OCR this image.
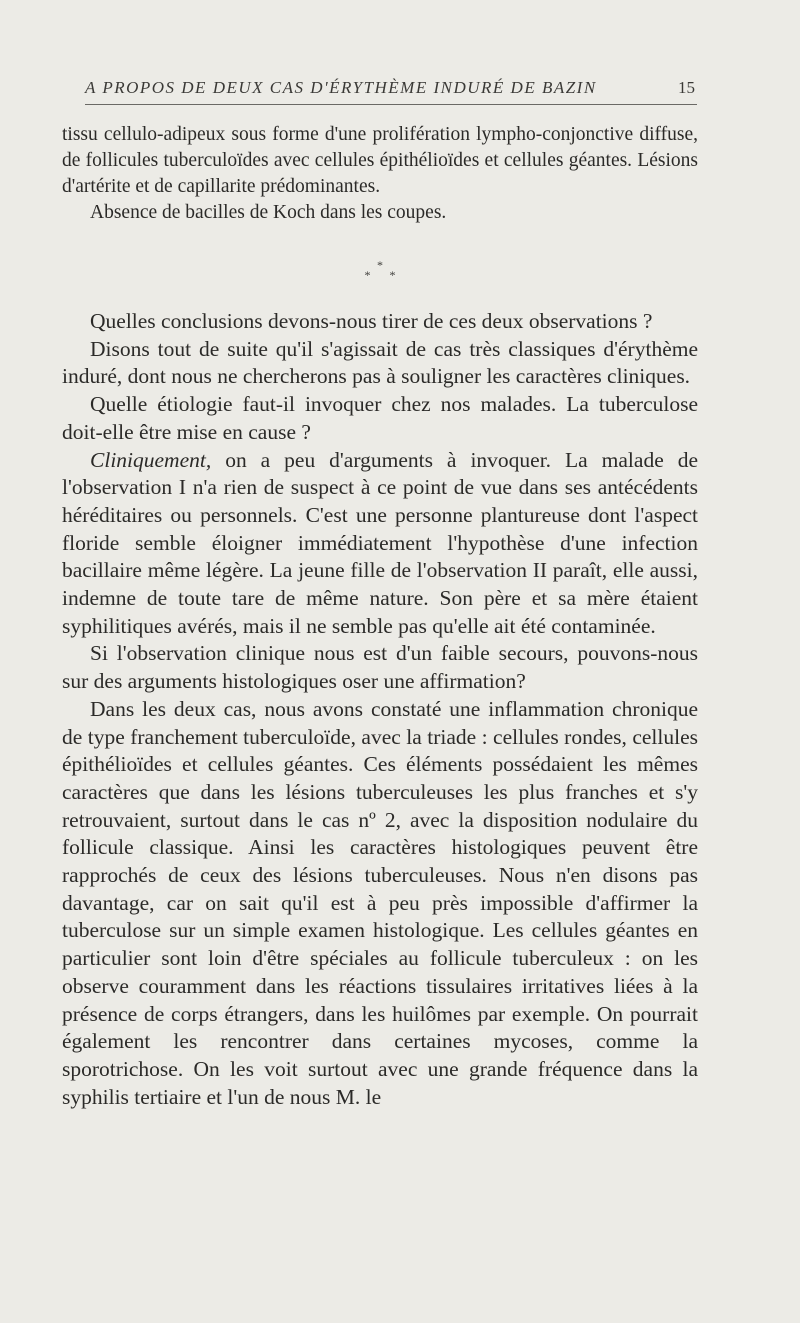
A PROPOS DE DEUX CAS D'ÉRYTHÈME INDURÉ DE BAZIN	15

tissu cellulo-adipeux sous forme d'une prolifération lympho-conjonctive diffuse, de follicules tuberculoïdes avec cellules épithélioïdes et cellules géantes. Lésions d'artérite et de capillarite prédominantes.

Absence de bacilles de Koch dans les coupes.

*
* *

Quelles conclusions devons-nous tirer de ces deux observations ?

Disons tout de suite qu'il s'agissait de cas très classiques d'érythème induré, dont nous ne chercherons pas à souligner les caractères cliniques.

Quelle étiologie faut-il invoquer chez nos malades. La tuberculose doit-elle être mise en cause ?

Cliniquement, on a peu d'arguments à invoquer. La malade de l'observation I n'a rien de suspect à ce point de vue dans ses antécédents héréditaires ou personnels. C'est une personne plantureuse dont l'aspect floride semble éloigner immédiatement l'hypothèse d'une infection bacillaire même légère. La jeune fille de l'observation II paraît, elle aussi, indemne de toute tare de même nature. Son père et sa mère étaient syphilitiques avérés, mais il ne semble pas qu'elle ait été contaminée.

Si l'observation clinique nous est d'un faible secours, pouvons-nous sur des arguments histologiques oser une affirmation?

Dans les deux cas, nous avons constaté une inflammation chronique de type franchement tuberculoïde, avec la triade : cellules rondes, cellules épithélioïdes et cellules géantes. Ces éléments possédaient les mêmes caractères que dans les lésions tuberculeuses les plus franches et s'y retrouvaient, surtout dans le cas nº 2, avec la disposition nodulaire du follicule classique. Ainsi les caractères histologiques peuvent être rapprochés de ceux des lésions tuberculeuses. Nous n'en disons pas davantage, car on sait qu'il est à peu près impossible d'affirmer la tuberculose sur un simple examen histologique. Les cellules géantes en particulier sont loin d'être spéciales au follicule tuberculeux : on les observe couramment dans les réactions tissulaires irritatives liées à la présence de corps étrangers, dans les huilômes par exemple. On pourrait également les rencontrer dans certaines mycoses, comme la sporotrichose. On les voit surtout avec une grande fréquence dans la syphilis tertiaire et l'un de nous M. le
